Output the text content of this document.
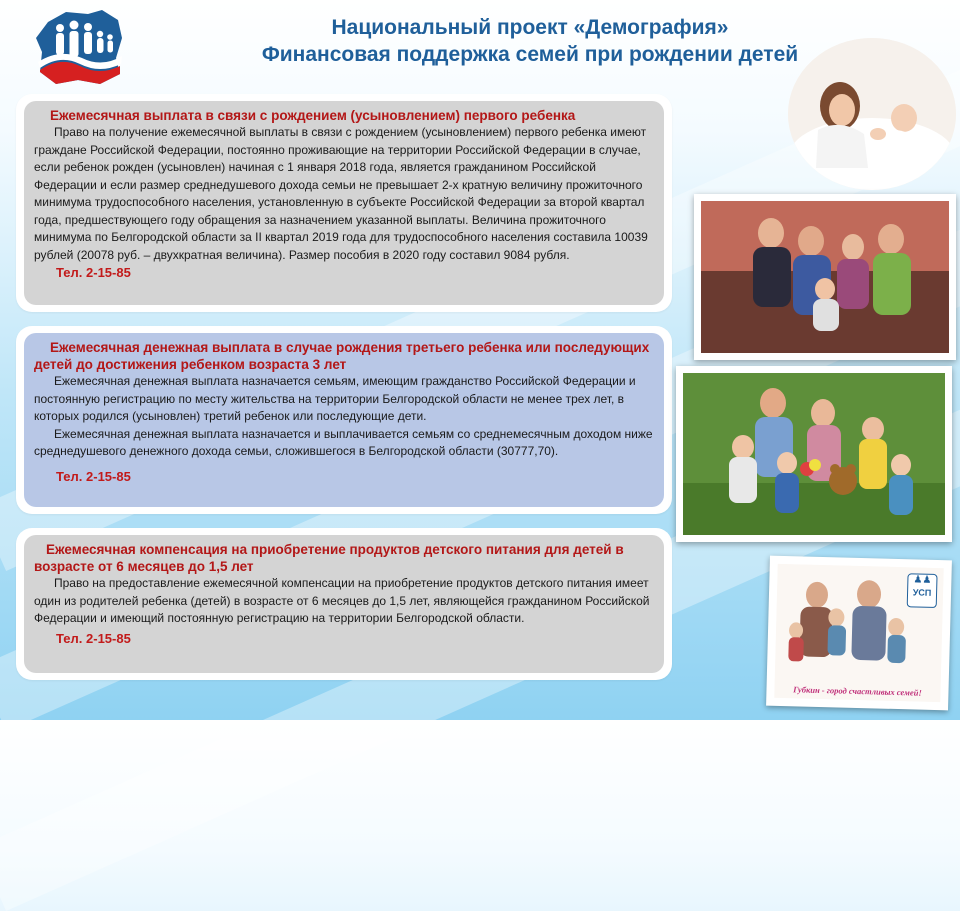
Национальный проект «Демография»
Финансовая поддержка семей при рождении детей
Ежемесячная выплата в связи с рождением (усыновлением) первого ребенка

Право на получение ежемесячной выплаты в связи с рождением (усыновлением) первого ребенка имеют граждане Российской Федерации, постоянно проживающие на территории Российской Федерации в случае, если ребенок рожден (усыновлен) начиная с 1 января 2018 года, является гражданином Российской Федерации и если размер среднедушевого дохода семьи не превышает 2-х кратную величину прожиточного минимума трудоспособного населения, установленную в субъекте Российской Федерации за второй квартал года, предшествующего году обращения за назначением указанной выплаты. Величина прожиточного минимума по Белгородской области за II квартал 2019 года для трудоспособного населения составила 10039 рублей (20078 руб. – двухкратная величина). Размер пособия в 2020 году составил 9084 рубля.

Тел. 2-15-85
Ежемесячная денежная выплата в случае рождения третьего ребенка или последующих детей до достижения ребенком возраста 3 лет

Ежемесячная денежная выплата назначается семьям, имеющим гражданство Российской Федерации и постоянную регистрацию по месту жительства на территории Белгородской области не менее трех лет, в которых родился (усыновлен) третий ребенок или последующие дети.

Ежемесячная денежная выплата назначается и выплачивается семьям со среднемесячным доходом ниже среднедушевого денежного дохода семьи, сложившегося в Белгородской области (30777,70).

Тел. 2-15-85
Ежемесячная компенсация на приобретение продуктов детского питания для детей в возрасте от 6 месяцев до 1,5 лет

Право на предоставление ежемесячной компенсации на приобретение продуктов детского питания имеет один из родителей ребенка (детей) в возрасте от 6 месяцев до 1,5 лет, являющейся гражданином Российской Федерации и имеющий постоянную регистрацию на территории Белгородской области.

Тел. 2-15-85
♟♟
УСП
Губкин - город счастливых семей!
